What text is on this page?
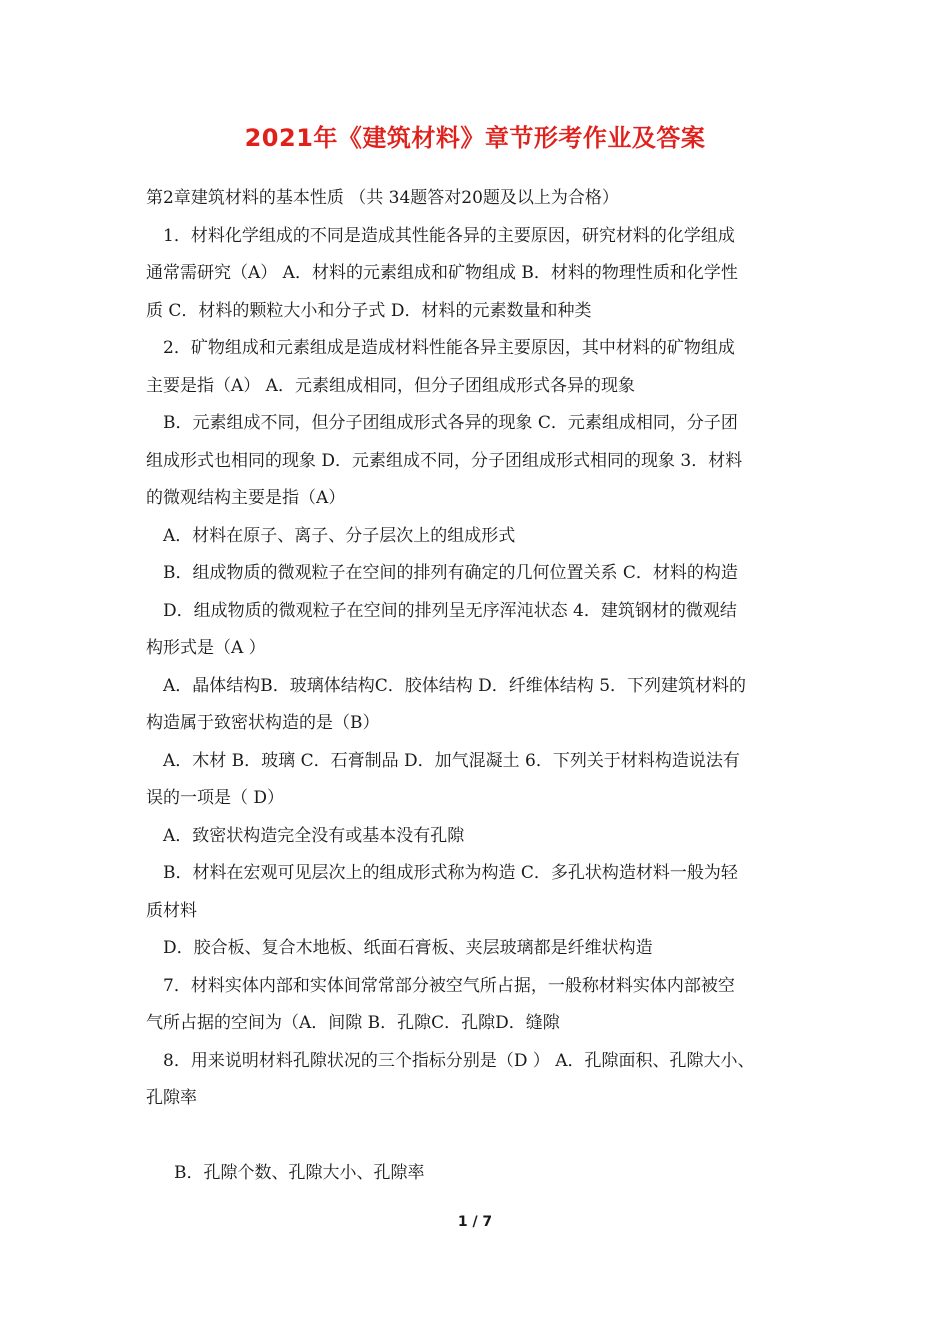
2021年《建筑材料》章节形考作业及答案

第2章建筑材料的基本性质 （共 34题答对20题及以上为合格）

1．材料化学组成的不同是造成其性能各异的主要原因，研究材料的化学组成

通常需研究（A） A．材料的元素组成和矿物组成 B．材料的物理性质和化学性

质 C．材料的颗粒大小和分子式 D．材料的元素数量和种类

2．矿物组成和元素组成是造成材料性能各异主要原因，其中材料的矿物组成

主要是指（A） A．元素组成相同，但分子团组成形式各异的现象

B．元素组成不同，但分子团组成形式各异的现象 C．元素组成相同，分子团

组成形式也相同的现象 D．元素组成不同，分子团组成形式相同的现象 3．材料

的微观结构主要是指（A）

A．材料在原子、离子、分子层次上的组成形式

B．组成物质的微观粒子在空间的排列有确定的几何位置关系 C．材料的构造

D．组成物质的微观粒子在空间的排列呈无序浑沌状态 4．建筑钢材的微观结

构形式是（A ）

A．晶体结构B．玻璃体结构C．胶体结构 D．纤维体结构 5．下列建筑材料的

构造属于致密状构造的是（B）

A．木材 B．玻璃 C．石膏制品 D．加气混凝土 6．下列关于材料构造说法有

误的一项是（ D）

A．致密状构造完全没有或基本没有孔隙

B．材料在宏观可见层次上的组成形式称为构造 C．多孔状构造材料一般为轻

质材料

D．胶合板、复合木地板、纸面石膏板、夹层玻璃都是纤维状构造

7．材料实体内部和实体间常常部分被空气所占据，一般称材料实体内部被空

气所占据的空间为（A．间隙 B．孔隙C．孔隙D．缝隙

8．用来说明材料孔隙状况的三个指标分别是（D ） A．孔隙面积、孔隙大小、

孔隙率

B．孔隙个数、孔隙大小、孔隙率

1 / 7
